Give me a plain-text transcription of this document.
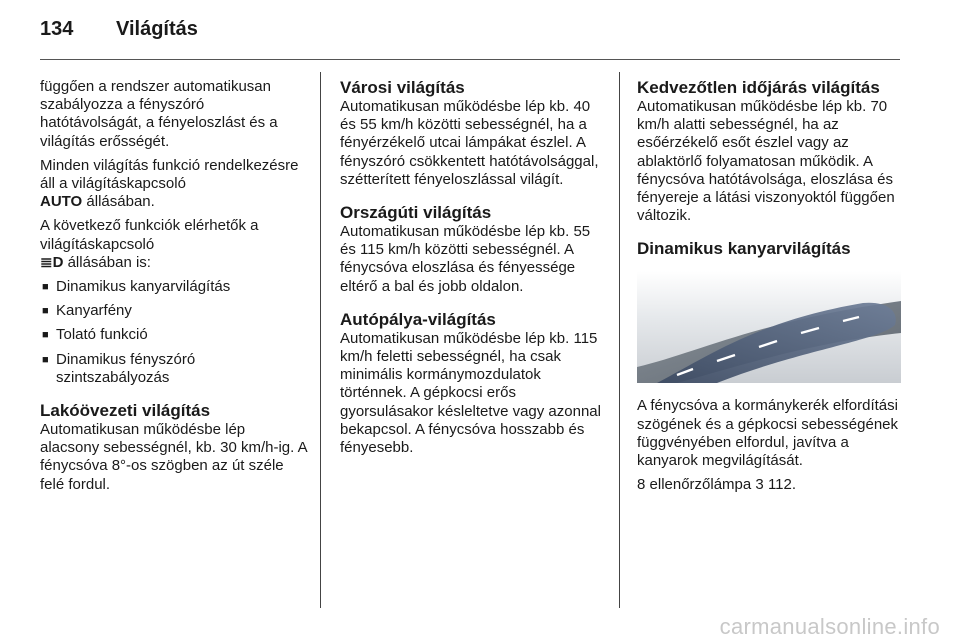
134 Világítás

függően a rendszer automatikusan szabályozza a fényszóró hatótávolságát, a fényeloszlást és a világítás erősségét.

Minden világítás funkció rendelkezésre áll a világításkapcsoló
AUTO állásában.

A következő funkciók elérhetők a világításkapcsoló
≣D állásában is:

■ Dinamikus kanyarvilágítás
■ Kanyarfény
■ Tolató funkció
■ Dinamikus fényszóró szintszabályozás
Lakóövezeti világítás

Automatikusan működésbe lép alacsony sebességnél, kb. 30 km/h-ig. A fénycsóva 8°-os szögben az út széle felé fordul.

Városi világítás

Automatikusan működésbe lép kb. 40 és 55 km/h közötti sebességnél, ha a fényérzékelő utcai lámpákat észlel. A fényszóró csökkentett hatótávolsággal, szétterített fényeloszlással világít.

Országúti világítás

Automatikusan működésbe lép kb. 55 és 115 km/h közötti sebességnél. A fénycsóva eloszlása és fényessége eltérő a bal és jobb oldalon.

Autópálya-világítás

Automatikusan működésbe lép kb. 115 km/h feletti sebességnél, ha csak minimális kormánymozdulatok történnek. A gépkocsi erős gyorsulásakor késleltetve vagy azonnal bekapcsol. A fénycsóva hosszabb és fényesebb.

Kedvezőtlen időjárás világítás

Automatikusan működésbe lép kb. 70 km/h alatti sebességnél, ha az esőérzékelő esőt észlel vagy az ablaktörlő folyamatosan működik. A fénycsóva hatótávolsága, eloszlása és fényereje a látási viszonyoktól függően változik.

Dinamikus kanyarvilágítás

A fénycsóva a kormánykerék elfordítási szögének és a gépkocsi sebességének függvényében elfordul, javítva a kanyarok megvilágítását.

8 ellenőrzőlámpa 3 112.

carmanualsonline.info
